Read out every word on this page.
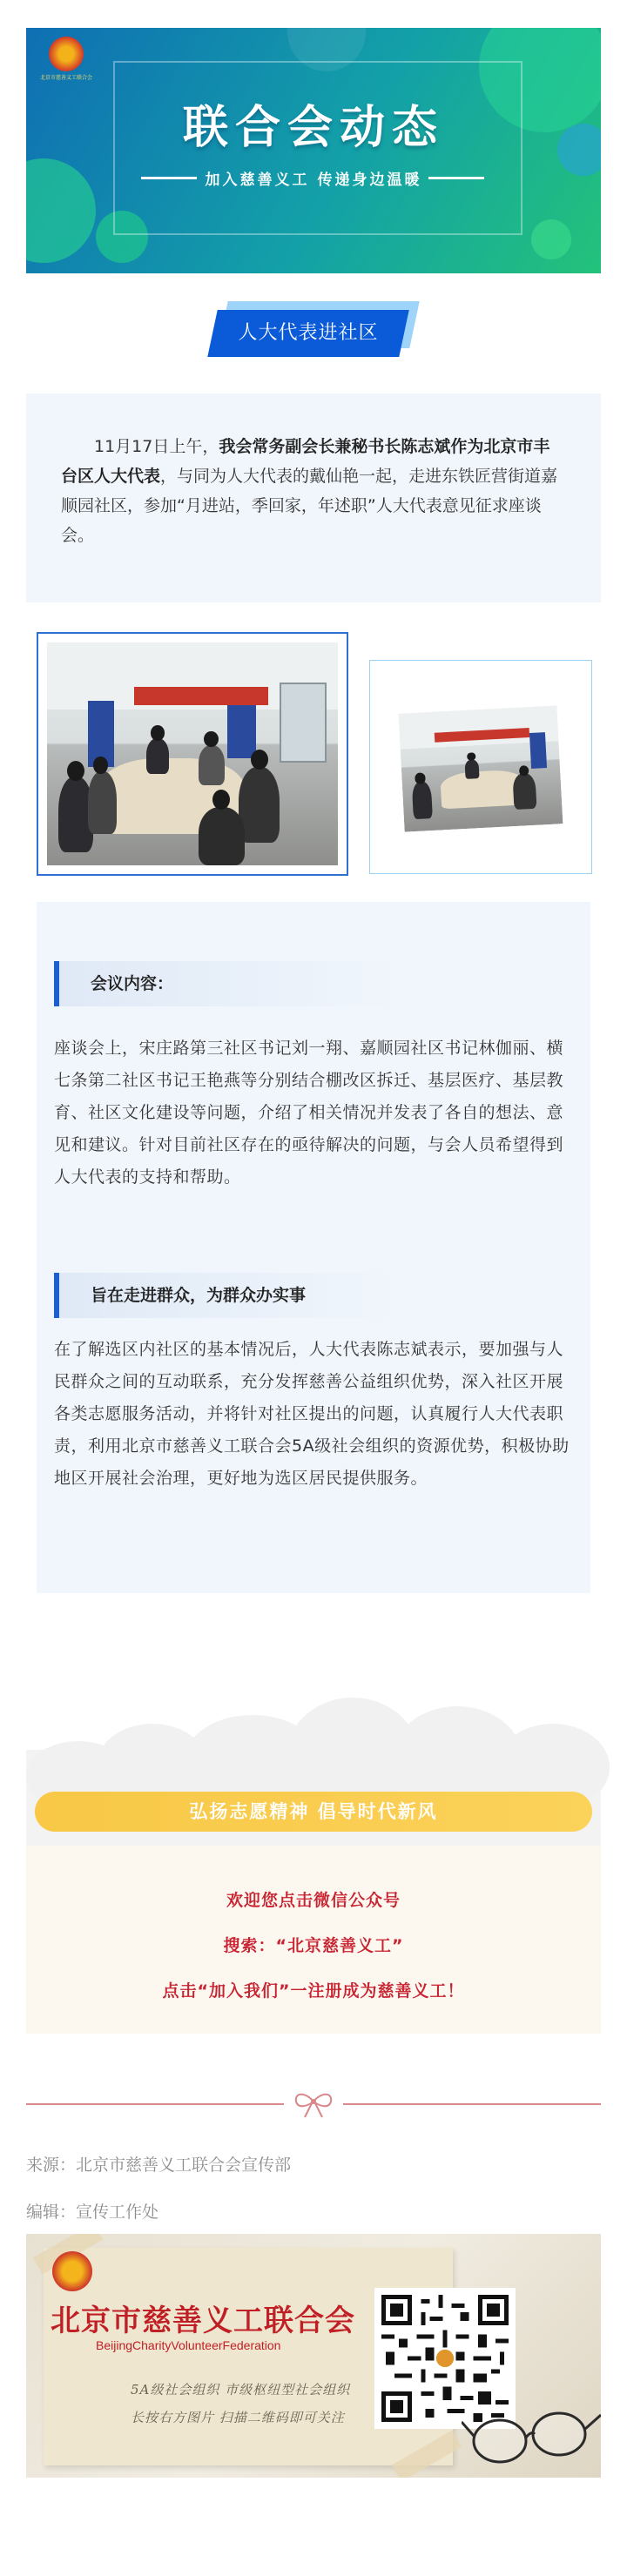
北京市慈善义工联合会
联合会动态
加入慈善义工 传递身边温暖
人大代表进社区

11月17日上午，我会常务副会长兼秘书长陈志斌作为北京市丰台区人大代表，与同为人大代表的戴仙艳一起，走进东铁匠营街道嘉顺园社区，参加“月进站，季回家，年述职”人大代表意见征求座谈会。

会议内容：

座谈会上，宋庄路第三社区书记刘一翔、嘉顺园社区书记林伽丽、横七条第二社区书记王艳燕等分别结合棚改区拆迁、基层医疗、基层教育、社区文化建设等问题，介绍了相关情况并发表了各自的想法、意见和建议。针对目前社区存在的亟待解决的问题，与会人员希望得到人大代表的支持和帮助。

旨在走进群众，为群众办实事

在了解选区内社区的基本情况后，人大代表陈志斌表示，要加强与人民群众之间的互动联系，充分发挥慈善公益组织优势，深入社区开展各类志愿服务活动，并将针对社区提出的问题，认真履行人大代表职责，利用北京市慈善义工联合会5A级社会组织的资源优势，积极协助地区开展社会治理，更好地为选区居民提供服务。

弘扬志愿精神 倡导时代新风
欢迎您点击微信公众号
搜索：“北京慈善义工”
点击“加入我们”一注册成为慈善义工！
来源：北京市慈善义工联合会宣传部
编辑：宣传工作处
北京市慈善义工联合会
BeijingCharityVolunteerFederation
5A级社会组织 市级枢纽型社会组织
长按右方图片 扫描二维码即可关注
